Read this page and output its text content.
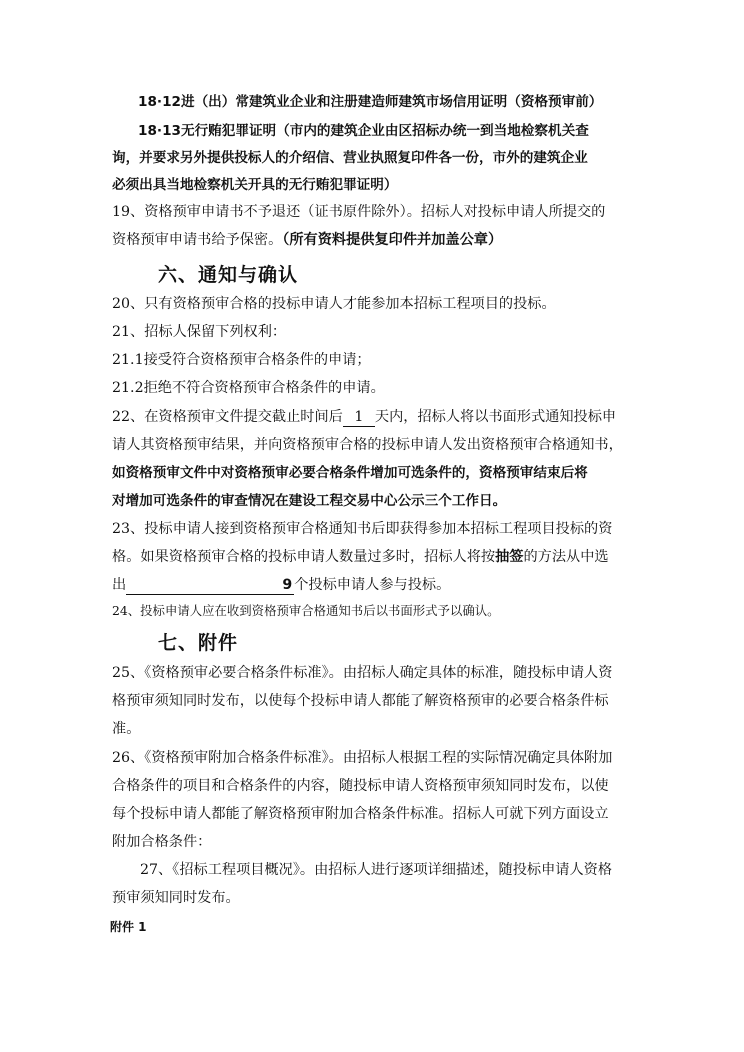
18·12进（出）常建筑业企业和注册建造师建筑市场信用证明（资格预审前）
18·13无行贿犯罪证明（市内的建筑企业由区招标办统一到当地检察机关查
询，并要求另外提供投标人的介绍信、营业执照复印件各一份，市外的建筑企业
必须出具当地检察机关开具的无行贿犯罪证明）
19、资格预审申请书不予退还（证书原件除外）。招标人对投标申请人所提交的
资格预审申请书给予保密。（所有资料提供复印件并加盖公章）
六、通知与确认
20、只有资格预审合格的投标申请人才能参加本招标工程项目的投标。
21、招标人保留下列权利：
21.1接受符合资格预审合格条件的申请；
21.2拒绝不符合资格预审合格条件的申请。
22、在资格预审文件提交截止时间后 1 天内，招标人将以书面形式通知投标申
请人其资格预审结果，并向资格预审合格的投标申请人发出资格预审合格通知书，
如资格预审文件中对资格预审必要合格条件增加可选条件的，资格预审结束后将
对增加可选条件的审查情况在建设工程交易中心公示三个工作日。
23、投标申请人接到资格预审合格通知书后即获得参加本招标工程项目投标的资
格。如果资格预审合格的投标申请人数量过多时，招标人将按抽签的方法从中选
出	9 个投标申请人参与投标。
24、投标申请人应在收到资格预审合格通知书后以书面形式予以确认。
七、附件
25、《资格预审必要合格条件标准》。由招标人确定具体的标准，随投标申请人资
格预审须知同时发布，以使每个投标申请人都能了解资格预审的必要合格条件标
准。
26、《资格预审附加合格条件标准》。由招标人根据工程的实际情况确定具体附加
合格条件的项目和合格条件的内容，随投标申请人资格预审须知同时发布，以使
每个投标申请人都能了解资格预审附加合格条件标准。招标人可就下列方面设立
附加合格条件：
27、《招标工程项目概况》。由招标人进行逐项详细描述，随投标申请人资格
预审须知同时发布。
附件 1
